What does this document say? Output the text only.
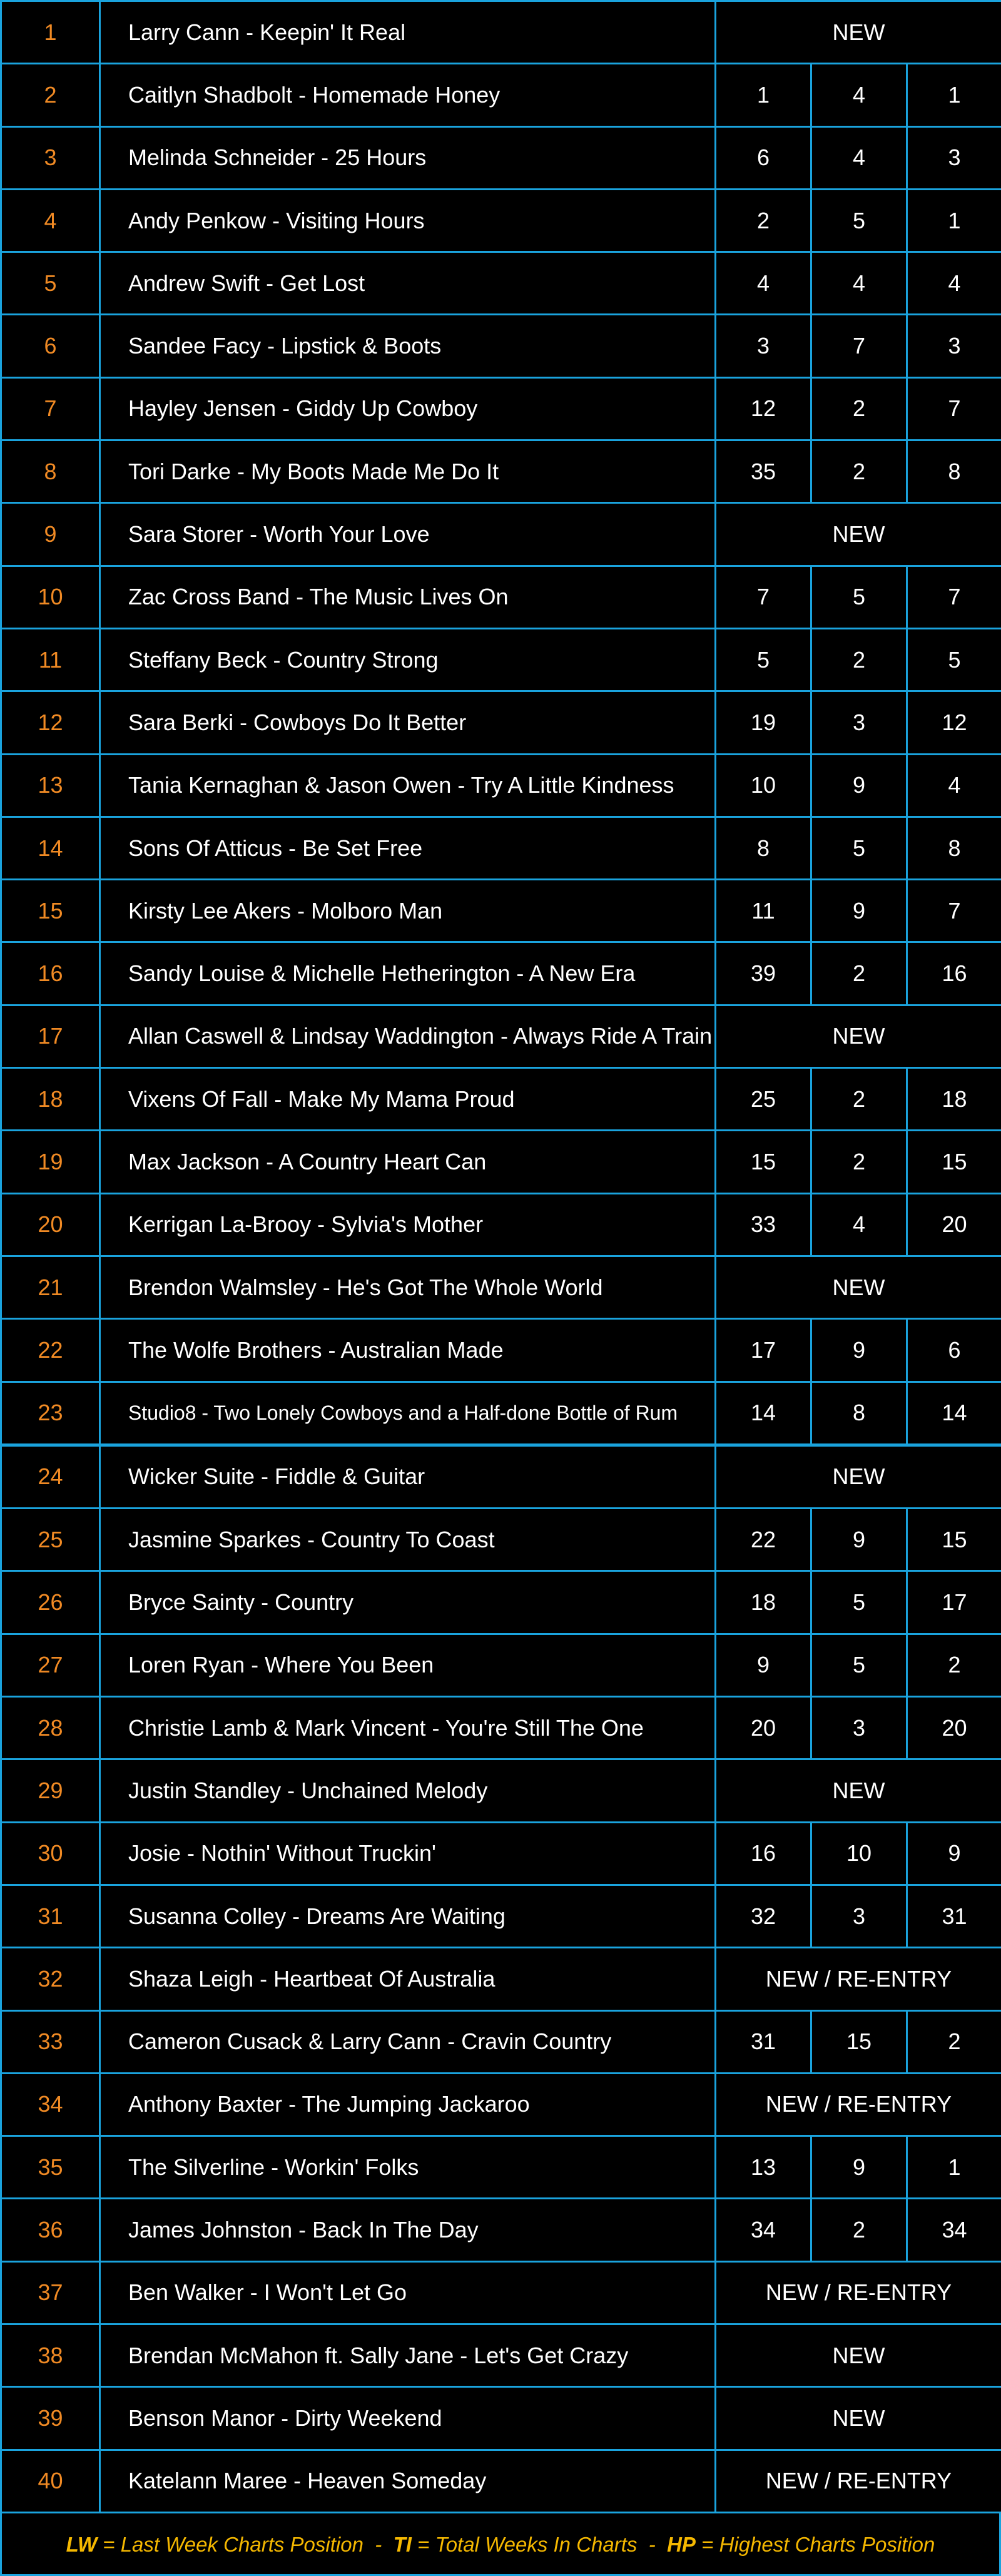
1	Larry Cann - Keepin' It Real	NEW		
2	Caitlyn Shadbolt - Homemade Honey	1	4	1
3	Melinda Schneider - 25 Hours	6	4	3
4	Andy Penkow - Visiting Hours	2	5	1
5	Andrew Swift - Get Lost	4	4	4
6	Sandee Facy - Lipstick & Boots	3	7	3
7	Hayley Jensen - Giddy Up Cowboy	12	2	7
8	Tori Darke - My Boots Made Me Do It	35	2	8
9	Sara Storer - Worth Your Love	NEW		
10	Zac Cross Band - The Music Lives On	7	5	7
11	Steffany Beck - Country Strong	5	2	5
12	Sara Berki - Cowboys Do It Better	19	3	12
13	Tania Kernaghan & Jason Owen - Try A Little Kindness	10	9	4
14	Sons Of Atticus - Be Set Free	8	5	8
15	Kirsty Lee Akers - Molboro Man	11	9	7
16	Sandy Louise & Michelle Hetherington - A New Era	39	2	16
17	Allan Caswell & Lindsay Waddington - Always Ride A Train	NEW		
18	Vixens Of Fall - Make My Mama Proud	25	2	18
19	Max Jackson - A Country Heart Can	15	2	15
20	Kerrigan La-Brooy - Sylvia's Mother	33	4	20
21	Brendon Walmsley - He's Got The Whole World	NEW		
22	The Wolfe Brothers - Australian Made	17	9	6
23	Studio8 - Two Lonely Cowboys and a Half-done Bottle of Rum	14	8	14
24	Wicker Suite - Fiddle & Guitar	NEW		
25	Jasmine Sparkes - Country To Coast	22	9	15
26	Bryce Sainty - Country	18	5	17
27	Loren Ryan - Where You Been	9	5	2
28	Christie Lamb & Mark Vincent - You're Still The One	20	3	20
29	Justin Standley - Unchained Melody	NEW		
30	Josie - Nothin' Without Truckin'	16	10	9
31	Susanna Colley - Dreams Are Waiting	32	3	31
32	Shaza Leigh - Heartbeat Of Australia	NEW / RE-ENTRY		
33	Cameron Cusack & Larry Cann - Cravin Country	31	15	2
34	Anthony Baxter - The Jumping Jackaroo	NEW / RE-ENTRY		
35	The Silverline - Workin' Folks	13	9	1
36	James Johnston - Back In The Day	34	2	34
37	Ben Walker - I Won't Let Go	NEW / RE-ENTRY		
38	Brendan McMahon ft. Sally Jane - Let's Get Crazy	NEW		
39	Benson Manor - Dirty Weekend	NEW		
40	Katelann Maree - Heaven Someday	NEW / RE-ENTRY		
LW = Last Week Charts Position - TI = Total Weeks In Charts - HP = Highest Charts Position
